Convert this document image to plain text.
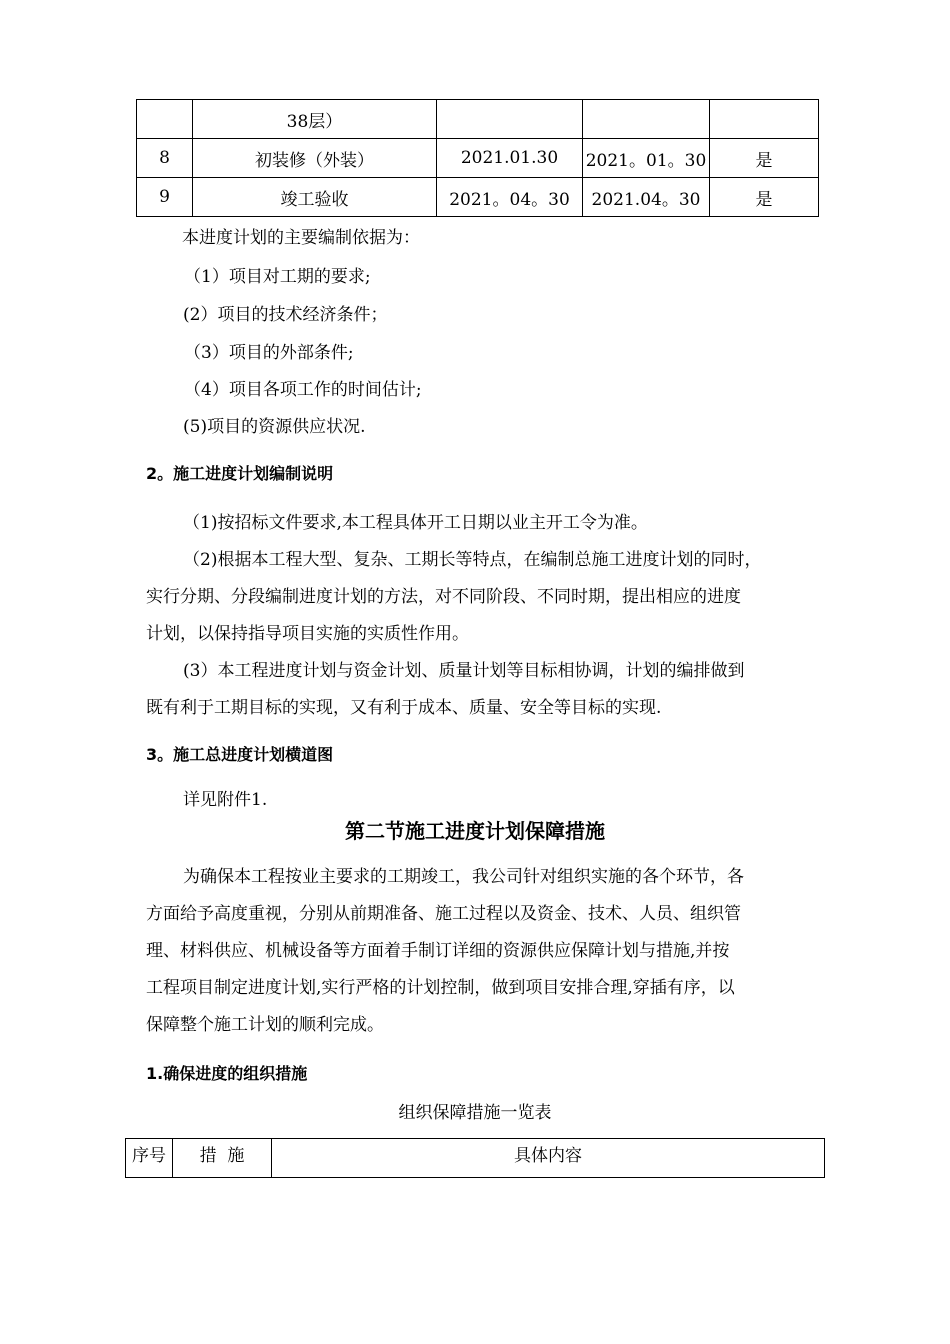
	38层）			
8	初装修（外装）	2021.01.30	2021。01。30	是
9	竣工验收	2021。04。30	2021.04。30	是
本进度计划的主要编制依据为：
（1）项目对工期的要求;
(2）项目的技术经济条件；
（3）项目的外部条件;
（4）项目各项工作的时间估计;
(5)项目的资源供应状况.
2。施工进度计划编制说明
（1)按招标文件要求,本工程具体开工日期以业主开工令为准。
（2)根据本工程大型、复杂、工期长等特点，在编制总施工进度计划的同时，
实行分期、分段编制进度计划的方法，对不同阶段、不同时期，提出相应的进度
计划，以保持指导项目实施的实质性作用。
(3）本工程进度计划与资金计划、质量计划等目标相协调，计划的编排做到
既有利于工期目标的实现，又有利于成本、质量、安全等目标的实现.
3。施工总进度计划横道图
详见附件1.
第二节施工进度计划保障措施
为确保本工程按业主要求的工期竣工，我公司针对组织实施的各个环节，各
方面给予高度重视，分别从前期准备、施工过程以及资金、技术、人员、组织管
理、材料供应、机械设备等方面着手制订详细的资源供应保障计划与措施,并按
工程项目制定进度计划,实行严格的计划控制，做到项目安排合理,穿插有序，以
保障整个施工计划的顺利完成。
1.确保进度的组织措施
组织保障措施一览表
序号	措  施	具体内容
